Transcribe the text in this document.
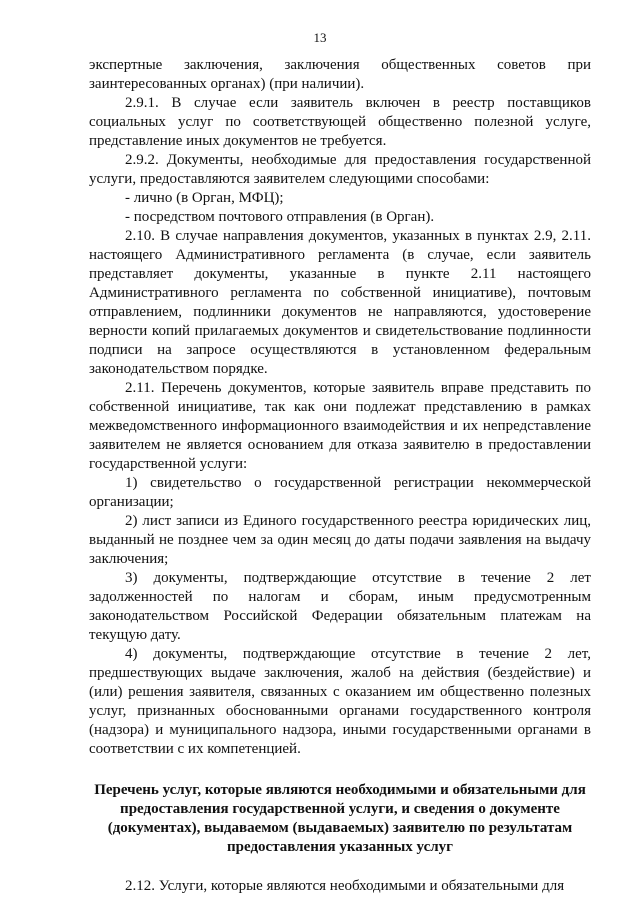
13

экспертные заключения, заключения общественных советов при заинтересованных органах) (при наличии).

2.9.1. В случае если заявитель включен в реестр поставщиков социальных услуг по соответствующей общественно полезной услуге, представление иных документов не требуется.

2.9.2. Документы, необходимые для предоставления государственной услуги, предоставляются заявителем следующими способами:

- лично (в Орган, МФЦ);

- посредством почтового отправления (в Орган).

2.10. В случае направления документов, указанных в пунктах 2.9, 2.11. настоящего Административного регламента (в случае, если заявитель представляет документы, указанные в пункте 2.11 настоящего Административного регламента по собственной инициативе), почтовым отправлением, подлинники документов не направляются, удостоверение верности копий прилагаемых документов и свидетельствование подлинности подписи на запросе осуществляются в установленном федеральным законодательством порядке.

2.11. Перечень документов, которые заявитель вправе представить по собственной инициативе, так как они подлежат представлению в рамках межведомственного информационного взаимодействия и их непредставление заявителем не является основанием для отказа заявителю в предоставлении государственной услуги:

1) свидетельство о государственной регистрации некоммерческой организации;

2) лист записи из Единого государственного реестра юридических лиц, выданный не позднее чем за один месяц до даты подачи заявления на выдачу заключения;

3) документы, подтверждающие отсутствие в течение 2 лет задолженностей по налогам и сборам, иным предусмотренным законодательством Российской Федерации обязательным платежам на текущую дату.

4) документы, подтверждающие отсутствие в течение 2 лет, предшествующих выдаче заключения, жалоб на действия (бездействие) и (или) решения заявителя, связанных с оказанием им общественно полезных услуг, признанных обоснованными органами государственного контроля (надзора) и муниципального надзора, иными государственными органами в соответствии с их компетенцией.

Перечень услуг, которые являются необходимыми и обязательными для предоставления государственной услуги, и сведения о документе (документах), выдаваемом (выдаваемых) заявителю по результатам предоставления указанных услуг

2.12. Услуги, которые являются необходимыми и обязательными для
